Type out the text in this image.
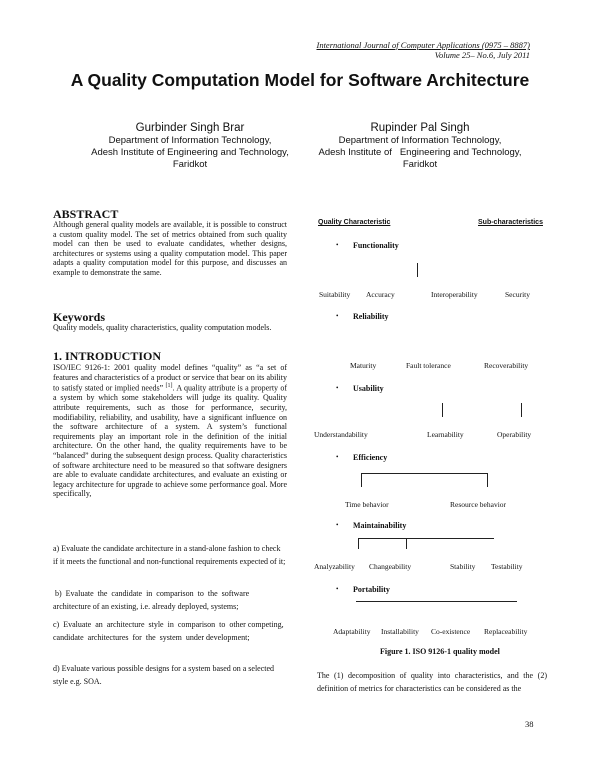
International Journal of Computer Applications (0975 – 8887)
Volume 25– No.6, July 2011
A Quality Computation Model for Software Architecture
Gurbinder Singh Brar
Department of Information Technology,
Adesh Institute of Engineering and Technology,
Faridkot
Rupinder Pal Singh
Department of Information Technology,
Adesh Institute of   Engineering and Technology,
Faridkot
ABSTRACT
Although general quality models are available, it is possible to construct a custom quality model. The set of metrics obtained from such quality model can then be used to evaluate candidates, whether designs, architectures or systems using a quality computation model. This paper adapts a quality computation model for this purpose, and discusses an example to demonstrate the same.
Keywords
Quality models, quality characteristics, quality computation models.
1. INTRODUCTION
ISO/IEC 9126-1: 2001 quality model defines “quality” as “a set of features and characteristics of a product or service that bear on its ability to satisfy stated or implied needs” [1]. A quality attribute is a property of a system by which some stakeholders will judge its quality. Quality attribute requirements, such as those for performance, security, modifiability, reliability, and usability, have a significant influence on the software architecture of a system. A system’s functional requirements play an important role in the definition of the initial architecture. On the other hand, the quality requirements have to be “balanced” during the subsequent design process. Quality characteristics of software architecture need to be measured so that software designers are able to evaluate candidate architectures, and evaluate an existing or legacy architecture for upgrade to achieve some performance goal. More specifically,
a) Evaluate the candidate architecture in a stand-alone fashion to check if it meets the functional and non-functional requirements expected of it;
b)  Evaluate  the  candidate  in  comparison  to  the  software architecture of an existing, i.e. already deployed, systems;
c)  Evaluate  an  architecture  style  in  comparison  to  other competing,  candidate  architectures  for  the  system  under development;
d) Evaluate various possible designs for a system based on a selected style e.g. SOA.
Quality Characteristic	Sub-characteristics
• Functionality
Suitability Accuracy	Interoperability	Security
• Reliability
Maturity	Fault tolerance	Recoverability
• Usability
Understandability	Learnability	Operability
• Efficiency
Time behavior	Resource behavior
• Maintainability
Analyzability Changeability	Stability Testability
• Portability
Adaptability Installability Co-existence Replaceability
Figure 1. ISO 9126-1 quality model
The (1) decomposition of quality into characteristics, and the (2) definition of metrics for characteristics can be considered as the
38
